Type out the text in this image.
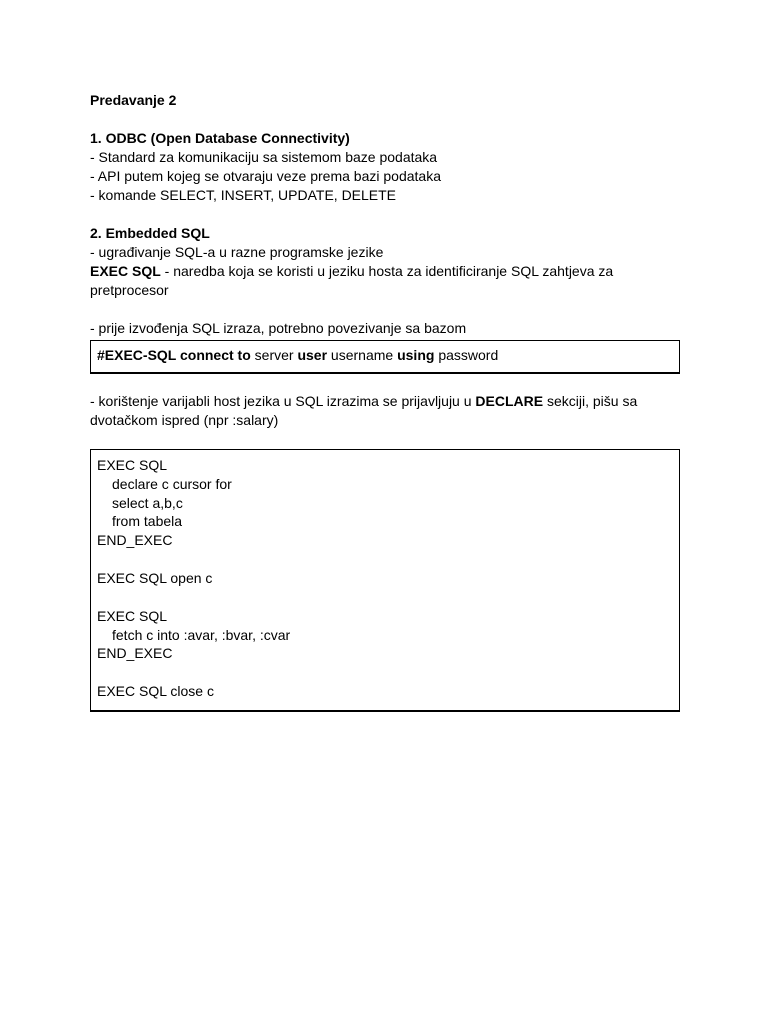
Predavanje 2

1. ODBC (Open Database Connectivity)

- Standard za komunikaciju sa sistemom baze podataka

- API putem kojeg se otvaraju veze prema bazi podataka

- komande SELECT, INSERT, UPDATE, DELETE

2. Embedded SQL

- ugrađivanje SQL-a u razne programske jezike

EXEC SQL - naredba koja se koristi u jeziku hosta za identificiranje SQL zahtjeva za pretprocesor

- prije izvođenja SQL izraza, potrebno povezivanje sa bazom

#EXEC-SQL connect to server user username using password

- korištenje varijabli host jezika u SQL izrazima se prijavljuju u DECLARE sekciji, pišu sa dvotačkom ispred (npr :salary)

EXEC SQL

declare c cursor for

select a,b,c

from tabela

END_EXEC

EXEC SQL open c

EXEC SQL

fetch c into :avar, :bvar, :cvar

END_EXEC

EXEC SQL close c
